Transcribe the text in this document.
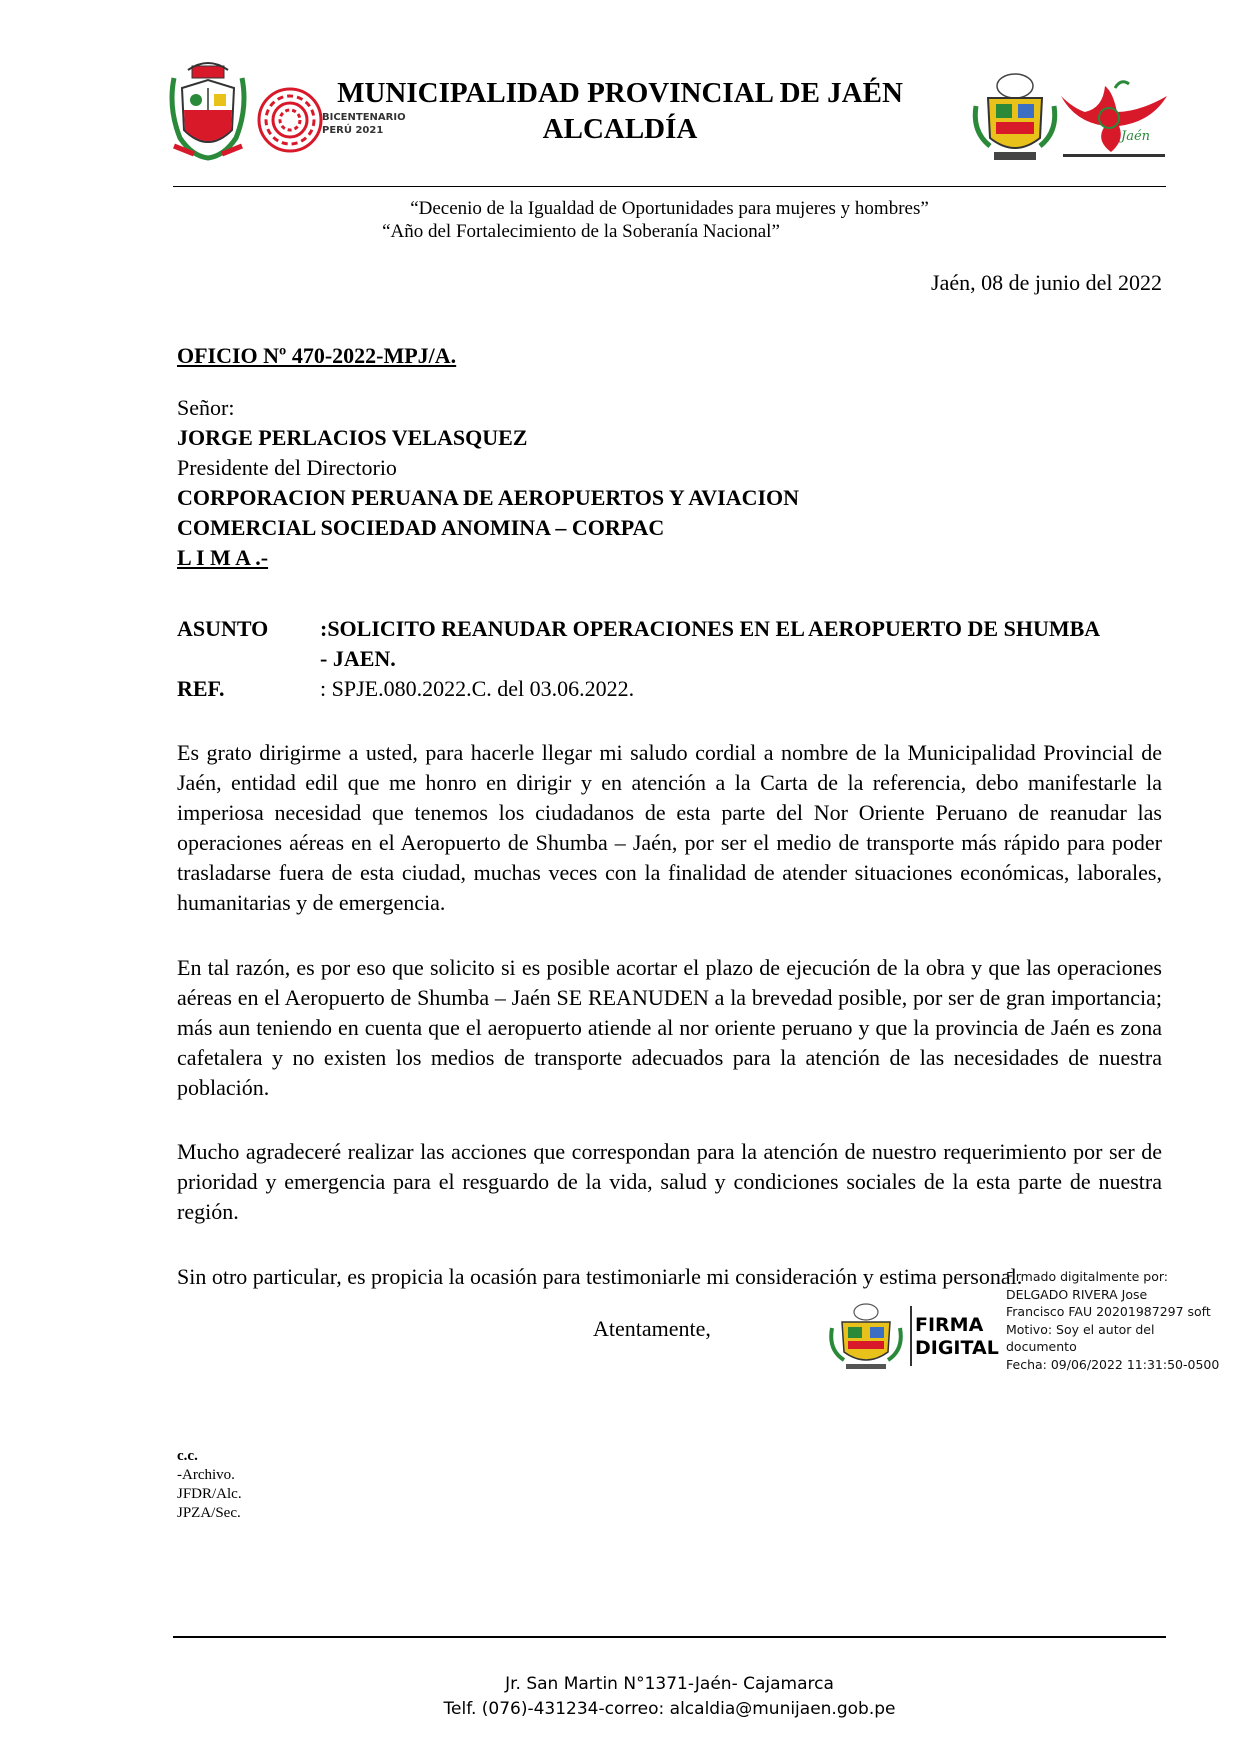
BICENTENARIO
PERÚ 2021
MUNICIPALIDAD PROVINCIAL DE JAÉN
ALCALDÍA	Jaén
“Decenio de la Igualdad de Oportunidades para mujeres y hombres”
“Año del Fortalecimiento de la Soberanía Nacional”
Jaén, 08 de junio del 2022
OFICIO Nº 470-2022-MPJ/A.
Señor:
JORGE PERLACIOS VELASQUEZ
Presidente del Directorio
CORPORACION PERUANA DE AEROPUERTOS Y AVIACION
COMERCIAL SOCIEDAD ANOMINA – CORPAC
L I M A .-
ASUNTO :SOLICITO REANUDAR OPERACIONES EN EL AEROPUERTO DE SHUMBA
- JAEN.
REF.	: SPJE.080.2022.C. del 03.06.2022.

Es grato dirigirme a usted, para hacerle llegar mi saludo cordial a nombre de la Municipalidad Provincial de Jaén, entidad edil que me honro en dirigir y en atención a la Carta de la referencia, debo manifestarle la imperiosa necesidad que tenemos los ciudadanos de esta parte del Nor Oriente Peruano de reanudar las operaciones aéreas en el Aeropuerto de Shumba – Jaén, por ser el medio de transporte más rápido para poder trasladarse fuera de esta ciudad, muchas veces con la finalidad de atender situaciones económicas, laborales, humanitarias y de emergencia.

En tal razón, es por eso que solicito si es posible acortar el plazo de ejecución de la obra y que las operaciones aéreas en el Aeropuerto de Shumba – Jaén SE REANUDEN a la brevedad posible, por ser de gran importancia; más aun teniendo en cuenta que el aeropuerto atiende al nor oriente peruano y que la provincia de Jaén es zona cafetalera y no existen los medios de transporte adecuados para la atención de las necesidades de nuestra población.

Mucho agradeceré realizar las acciones que correspondan para la atención de nuestro requerimiento por ser de prioridad y emergencia para el resguardo de la vida, salud y condiciones sociales de la esta parte de nuestra región.

Sin otro particular, es propicia la ocasión para testimoniarle mi consideración y estima personal.

Atentamente,	FIRMA
DIGITAL
Firmado digitalmente por:
DELGADO RIVERA Jose
Francisco FAU 20201987297 soft
Motivo: Soy el autor del
documento
Fecha: 09/06/2022 11:31:50-0500
c.c.
-Archivo.
JFDR/Alc.
JPZA/Sec.
Jr. San Martin N°1371-Jaén- Cajamarca
Telf. (076)-431234-correo: alcaldia@munijaen.gob.pe
